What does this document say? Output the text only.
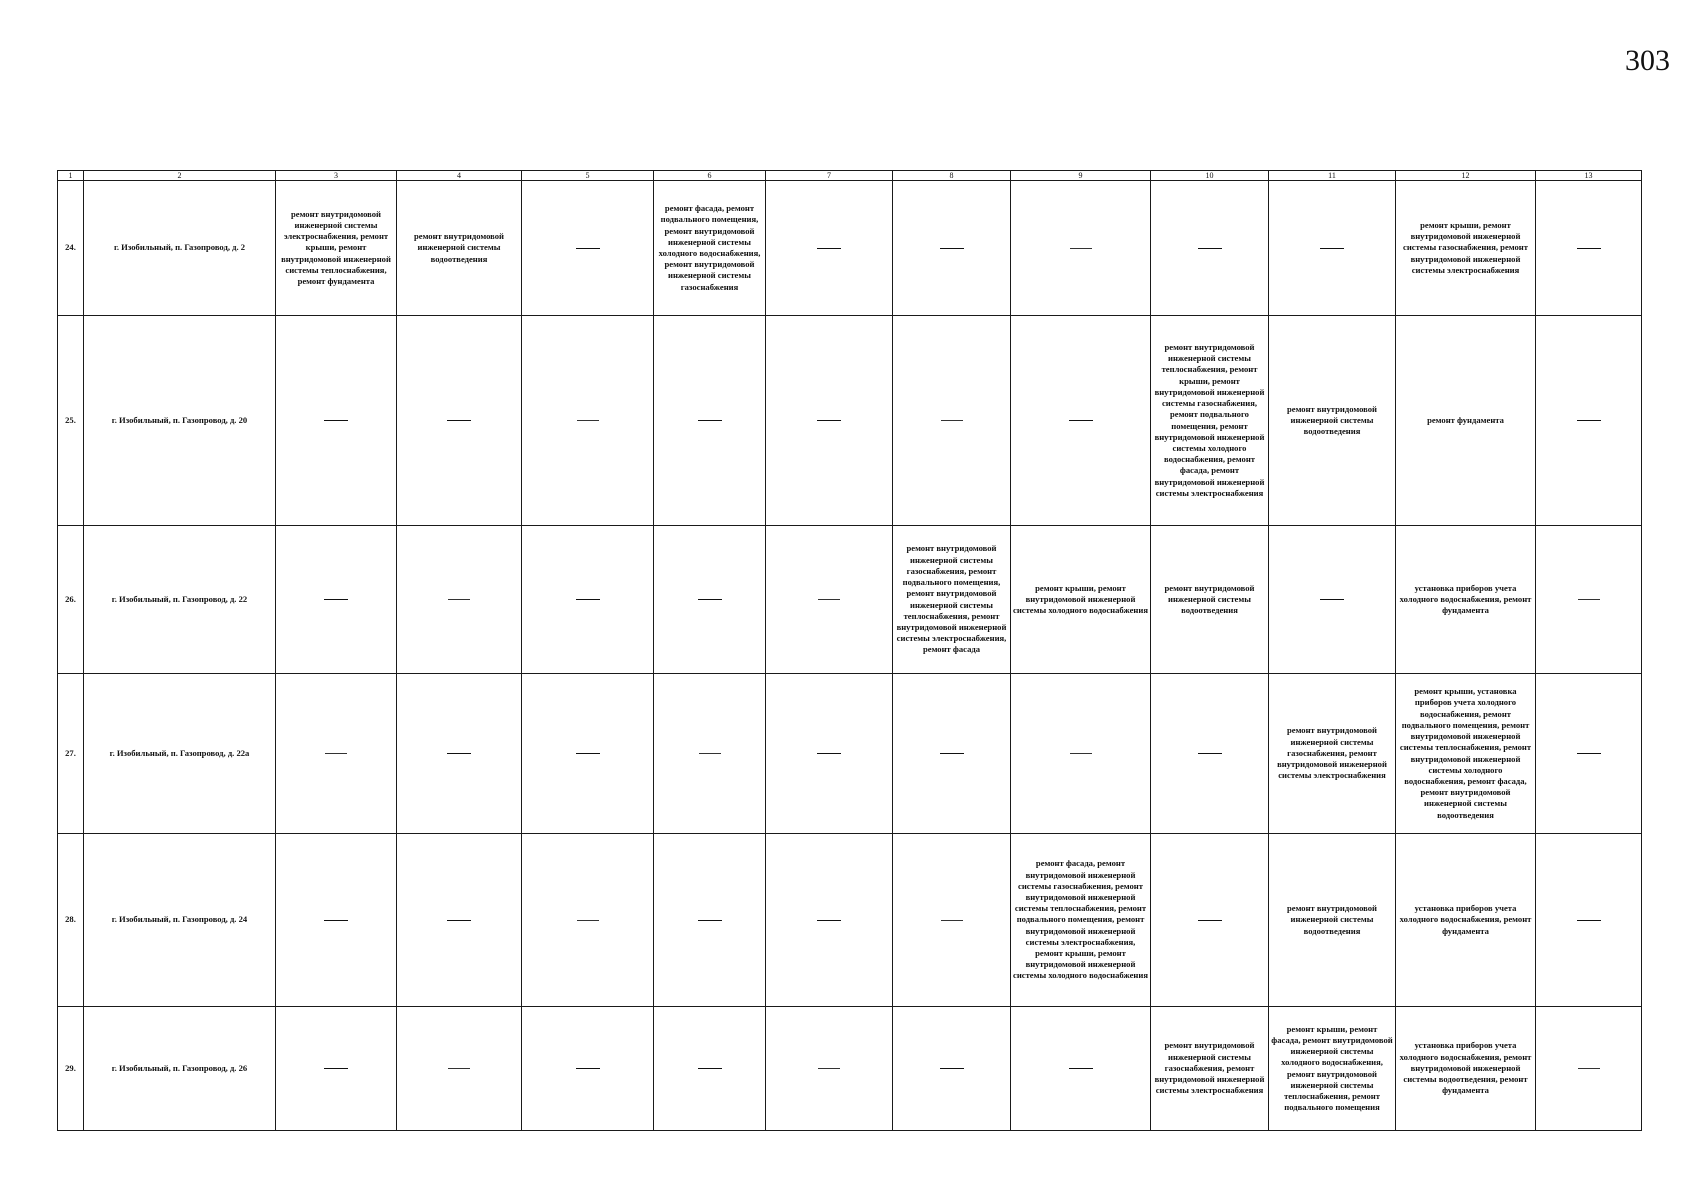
303
1	2	3	4	5	6	7	8	9	10	11	12	13
24.	г. Изобильный, п. Газопровод, д. 2	ремонт внутридомовой инженерной системы электроснабжения, ремонт крыши, ремонт внутридомовой инженерной системы теплоснабжения, ремонт фундамента	ремонт внутридомовой инженерной системы водоотведения		ремонт фасада, ремонт подвального помещения, ремонт внутридомовой инженерной системы холодного водоснабжения, ремонт внутридомовой инженерной системы газоснабжения						ремонт крыши, ремонт внутридомовой инженерной системы газоснабжения, ремонт внутридомовой инженерной системы электроснабжения	
25.	г. Изобильный, п. Газопровод, д. 20								ремонт внутридомовой инженерной системы теплоснабжения, ремонт крыши, ремонт внутридомовой инженерной системы газоснабжения, ремонт подвального помещения, ремонт внутридомовой инженерной системы холодного водоснабжения, ремонт фасада, ремонт внутридомовой инженерной системы электроснабжения	ремонт внутридомовой инженерной системы водоотведения	ремонт фундамента	
26.	г. Изобильный, п. Газопровод, д. 22						ремонт внутридомовой инженерной системы газоснабжения, ремонт подвального помещения, ремонт внутридомовой инженерной системы теплоснабжения, ремонт внутридомовой инженерной системы электроснабжения, ремонт фасада	ремонт крыши, ремонт внутридомовой инженерной системы холодного водоснабжения	ремонт внутридомовой инженерной системы водоотведения		установка приборов учета холодного водоснабжения, ремонт фундамента	
27.	г. Изобильный, п. Газопровод, д. 22а									ремонт внутридомовой инженерной системы газоснабжения, ремонт внутридомовой инженерной системы электроснабжения	ремонт крыши, установка приборов учета холодного водоснабжения, ремонт подвального помещения, ремонт внутридомовой инженерной системы теплоснабжения, ремонт внутридомовой инженерной системы холодного водоснабжения, ремонт фасада, ремонт внутридомовой инженерной системы водоотведения	
28.	г. Изобильный, п. Газопровод, д. 24							ремонт фасада, ремонт внутридомовой инженерной системы газоснабжения, ремонт внутридомовой инженерной системы теплоснабжения, ремонт подвального помещения, ремонт внутридомовой инженерной системы электроснабжения, ремонт крыши, ремонт внутридомовой инженерной системы холодного водоснабжения		ремонт внутридомовой инженерной системы водоотведения	установка приборов учета холодного водоснабжения, ремонт фундамента	
29.	г. Изобильный, п. Газопровод, д. 26								ремонт внутридомовой инженерной системы газоснабжения, ремонт внутридомовой инженерной системы электроснабжения	ремонт крыши, ремонт фасада, ремонт внутридомовой инженерной системы холодного водоснабжения, ремонт внутридомовой инженерной системы теплоснабжения, ремонт подвального помещения	установка приборов учета холодного водоснабжения, ремонт внутридомовой инженерной системы водоотведения, ремонт фундамента	
